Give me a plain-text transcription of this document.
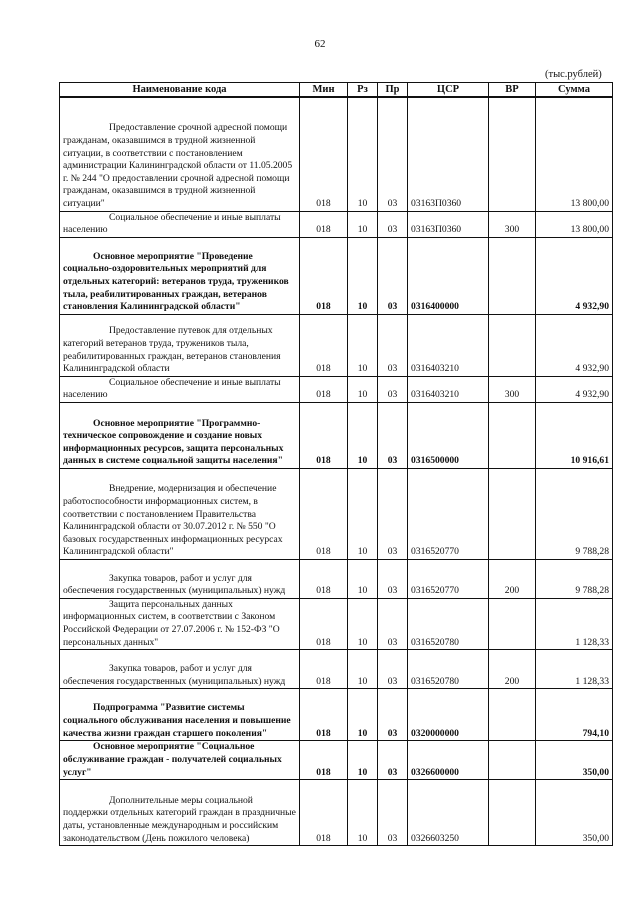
62
(тыс.рублей)
Наименование кода	Мин	Рз	Пр	ЦСР	ВР	Сумма

Предоставление срочной адресной помощи гражданам, оказавшимся в трудной жизненной ситуации, в соответствии с постановлением администрации Калининградской области от 11.05.2005 г. № 244 "О предоставлении срочной адресной помощи гражданам, оказавшимся в трудной жизненной ситуации"	018	10	03	03163П0360		13 800,00

Социальное обеспечение и иные выплаты населению	018	10	03	03163П0360	300	13 800,00

Основное мероприятие "Проведение социально-оздоровительных мероприятий для отдельных категорий: ветеранов труда, тружеников тыла, реабилитированных граждан, ветеранов становления Калининградской области"	018	10	03	0316400000		4 932,90

Предоставление путевок для отдельных категорий ветеранов труда, тружеников тыла, реабилитированных граждан, ветеранов становления Калининградской области	018	10	03	0316403210		4 932,90

Социальное обеспечение и иные выплаты населению	018	10	03	0316403210	300	4 932,90

Основное мероприятие "Программно-техническое сопровождение и создание новых информационных ресурсов, защита персональных данных в системе социальной защиты населения"	018	10	03	0316500000		10 916,61

Внедрение, модернизация и обеспечение работоспособности информационных систем, в соответствии с постановлением Правительства Калининградской области от 30.07.2012 г. № 550 "О базовых государственных информационных ресурсах Калининградской области"	018	10	03	0316520770		9 788,28

Закупка товаров, работ и услуг для обеспечения государственных (муниципальных) нужд	018	10	03	0316520770	200	9 788,28

Защита персональных данных информационных систем, в соответствии с Законом Российской Федерации от 27.07.2006 г. № 152-ФЗ "О персональных данных"	018	10	03	0316520780		1 128,33

Закупка товаров, работ и услуг для обеспечения государственных (муниципальных) нужд	018	10	03	0316520780	200	1 128,33

Подпрограмма "Развитие системы социального обслуживания населения и повышение качества жизни граждан старшего поколения"	018	10	03	0320000000		794,10

Основное мероприятие "Социальное обслуживание граждан - получателей социальных услуг"	018	10	03	0326600000		350,00

Дополнительные меры социальной поддержки отдельных категорий граждан в праздничные даты, установленные международным и российским законодательством (День пожилого человека)	018	10	03	0326603250		350,00
